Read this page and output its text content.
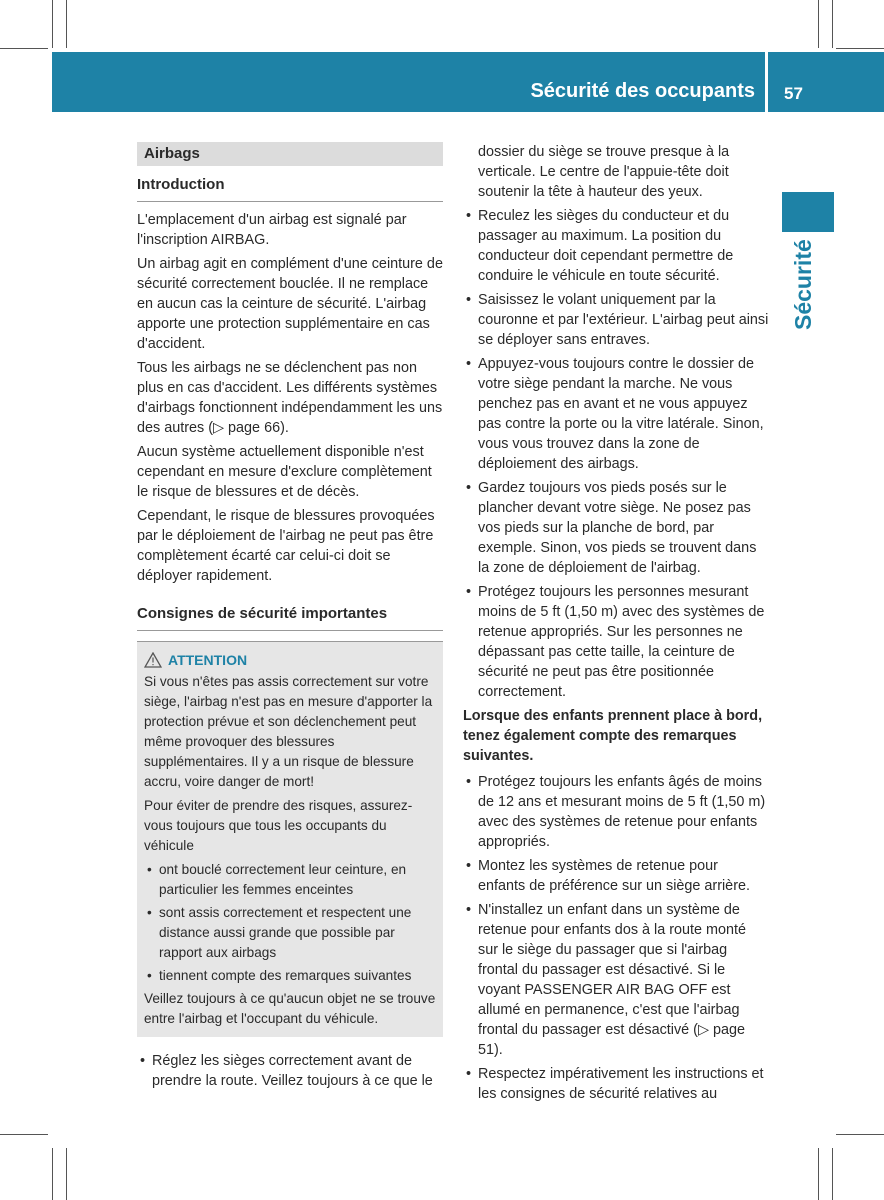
Sécurité des occupants 57
Sécurité
Airbags
Introduction

L'emplacement d'un airbag est signalé par l'inscription AIRBAG.

Un airbag agit en complément d'une ceinture de sécurité correctement bouclée. Il ne remplace en aucun cas la ceinture de sécurité. L'airbag apporte une protection supplémentaire en cas d'accident.

Tous les airbags ne se déclenchent pas non plus en cas d'accident. Les différents systèmes d'airbags fonctionnent indépendamment les uns des autres (▷ page 66).

Aucun système actuellement disponible n'est cependant en mesure d'exclure complètement le risque de blessures et de décès.

Cependant, le risque de blessures provoquées par le déploiement de l'airbag ne peut pas être complètement écarté car celui-ci doit se déployer rapidement.

Consignes de sécurité importantes
ATTENTION

Si vous n'êtes pas assis correctement sur votre siège, l'airbag n'est pas en mesure d'apporter la protection prévue et son déclenchement peut même provoquer des blessures supplémentaires. Il y a un risque de blessure accru, voire danger de mort!

Pour éviter de prendre des risques, assurez-vous toujours que tous les occupants du véhicule

• ont bouclé correctement leur ceinture, en particulier les femmes enceintes
• sont assis correctement et respectent une distance aussi grande que possible par rapport aux airbags
• tiennent compte des remarques suivantes

Veillez toujours à ce qu'aucun objet ne se trouve entre l'airbag et l'occupant du véhicule.

• Réglez les sièges correctement avant de prendre la route. Veillez toujours à ce que le

dossier du siège se trouve presque à la verticale. Le centre de l'appuie-tête doit soutenir la tête à hauteur des yeux.

• Reculez les sièges du conducteur et du passager au maximum. La position du conducteur doit cependant permettre de conduire le véhicule en toute sécurité.
• Saisissez le volant uniquement par la couronne et par l'extérieur. L'airbag peut ainsi se déployer sans entraves.
• Appuyez-vous toujours contre le dossier de votre siège pendant la marche. Ne vous penchez pas en avant et ne vous appuyez pas contre la porte ou la vitre latérale. Sinon, vous vous trouvez dans la zone de déploiement des airbags.
• Gardez toujours vos pieds posés sur le plancher devant votre siège. Ne posez pas vos pieds sur la planche de bord, par exemple. Sinon, vos pieds se trouvent dans la zone de déploiement de l'airbag.
• Protégez toujours les personnes mesurant moins de 5 ft (1,50 m) avec des systèmes de retenue appropriés. Sur les personnes ne dépassant pas cette taille, la ceinture de sécurité ne peut pas être positionnée correctement.

Lorsque des enfants prennent place à bord, tenez également compte des remarques suivantes.

• Protégez toujours les enfants âgés de moins de 12 ans et mesurant moins de 5 ft (1,50 m) avec des systèmes de retenue pour enfants appropriés.
• Montez les systèmes de retenue pour enfants de préférence sur un siège arrière.
• N'installez un enfant dans un système de retenue pour enfants dos à la route monté sur le siège du passager que si l'airbag frontal du passager est désactivé. Si le voyant PASSENGER AIR BAG OFF est allumé en permanence, c'est que l'airbag frontal du passager est désactivé (▷ page 51).
• Respectez impérativement les instructions et les consignes de sécurité relatives au
